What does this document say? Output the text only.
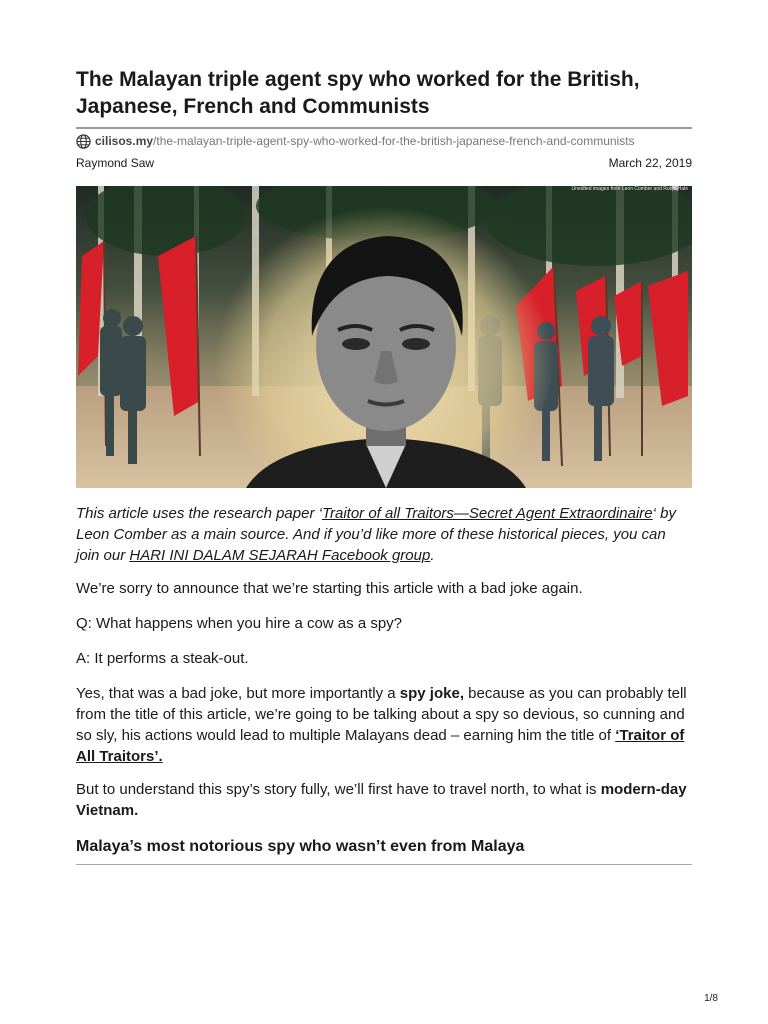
The Malayan triple agent spy who worked for the British, Japanese, French and Communists
cilisos.my /the-malayan-triple-agent-spy-who-worked-for-the-british-japanese-french-and-communists
Raymond Saw	March 22, 2019
Unedited images from Leon Comber and Ruhja Hale

This article uses the research paper ‘Traitor of all Traitors—Secret Agent Extraordinaire‘ by Leon Comber as a main source. And if you’d like more of these historical pieces, you can join our HARI INI DALAM SEJARAH Facebook group.

We’re sorry to announce that we’re starting this article with a bad joke again.

Q: What happens when you hire a cow as a spy?

A: It performs a steak-out.

Yes, that was a bad joke, but more importantly a spy joke, because as you can probably tell from the title of this article, we’re going to be talking about a spy so devious, so cunning and so sly, his actions would lead to multiple Malayans dead – earning him the title of ‘Traitor of All Traitors’.

But to understand this spy’s story fully, we’ll first have to travel north, to what is modern-day Vietnam.

Malaya’s most notorious spy who wasn’t even from Malaya
1/8
